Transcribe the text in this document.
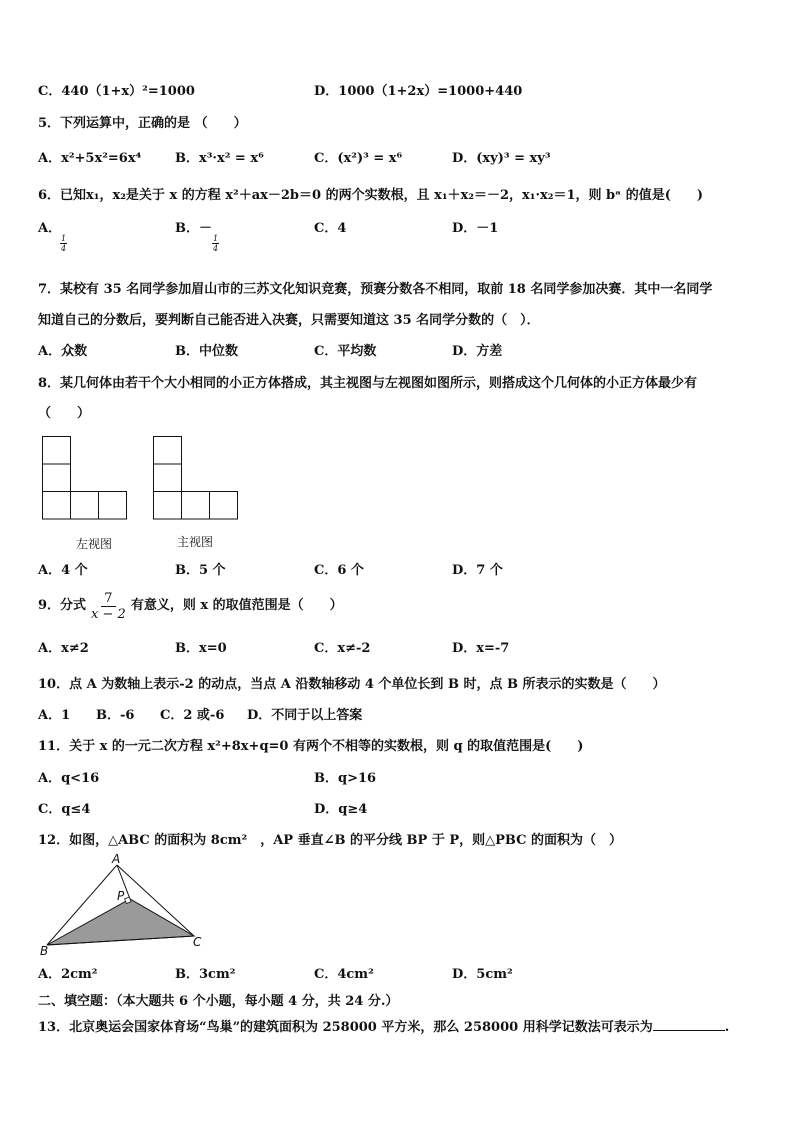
C．440（1+x）²=1000	D．1000（1+2x）=1000+440
5．下列运算中，正确的是 （　　）
A．x²+5x²=6x⁴	B．x³·x² = x⁶	C．(x²)³ = x⁶	D．(xy)³ = xy³
6．已知x₁，x₂是关于 x 的方程 x²＋ax－2b＝0 的两个实数根，且 x₁＋x₂＝－2，x₁·x₂＝1，则 bᵃ 的值是(　　)
A．
$\frac{1}{4}$
B．－
$\frac{1}{4}$
C．4	D．－1
7．某校有 35 名同学参加眉山市的三苏文化知识竞赛，预赛分数各不相同，取前 18 名同学参加决赛．其中一名同学
知道自己的分数后，要判断自己能否进入决赛，只需要知道这 35 名同学分数的（　）．
A．众数	B．中位数	C．平均数	D．方差
8．某几何体由若干个大小相同的小正方体搭成，其主视图与左视图如图所示，则搭成这个几何体的小正方体最少有
（　　）
左视图	主视图
A．4 个	B．5 个	C．6 个	D．7 个
9．分式 $\frac{7}{x - 2}$ 有意义，则 x 的取值范围是（　　）
A．x≠2	B．x=0	C．x≠-2	D．x=-7
10．点 A 为数轴上表示-2 的动点，当点 A 沿数轴移动 4 个单位长到 B 时，点 B 所表示的实数是（　　）
A．1 B．-6 C．2 或-6 D．不同于以上答案
11．关于 x 的一元二次方程 x²+8x+q=0 有两个不相等的实数根，则 q 的取值范围是(　　)
A．q<16	B．q>16
C．q≤4	D．q≥4
12．如图，△ABC 的面积为 8cm²　，AP 垂直∠B 的平分线 BP 于 P，则△PBC 的面积为（　）
A
P
B
C
A．2cm²	B．3cm²	C．4cm²	D．5cm²
二、填空题：（本大题共 6 个小题，每小题 4 分，共 24 分.）
13．北京奥运会国家体育场“鸟巢”的建筑面积为 258000 平方米，那么 258000 用科学记数法可表示为	.
